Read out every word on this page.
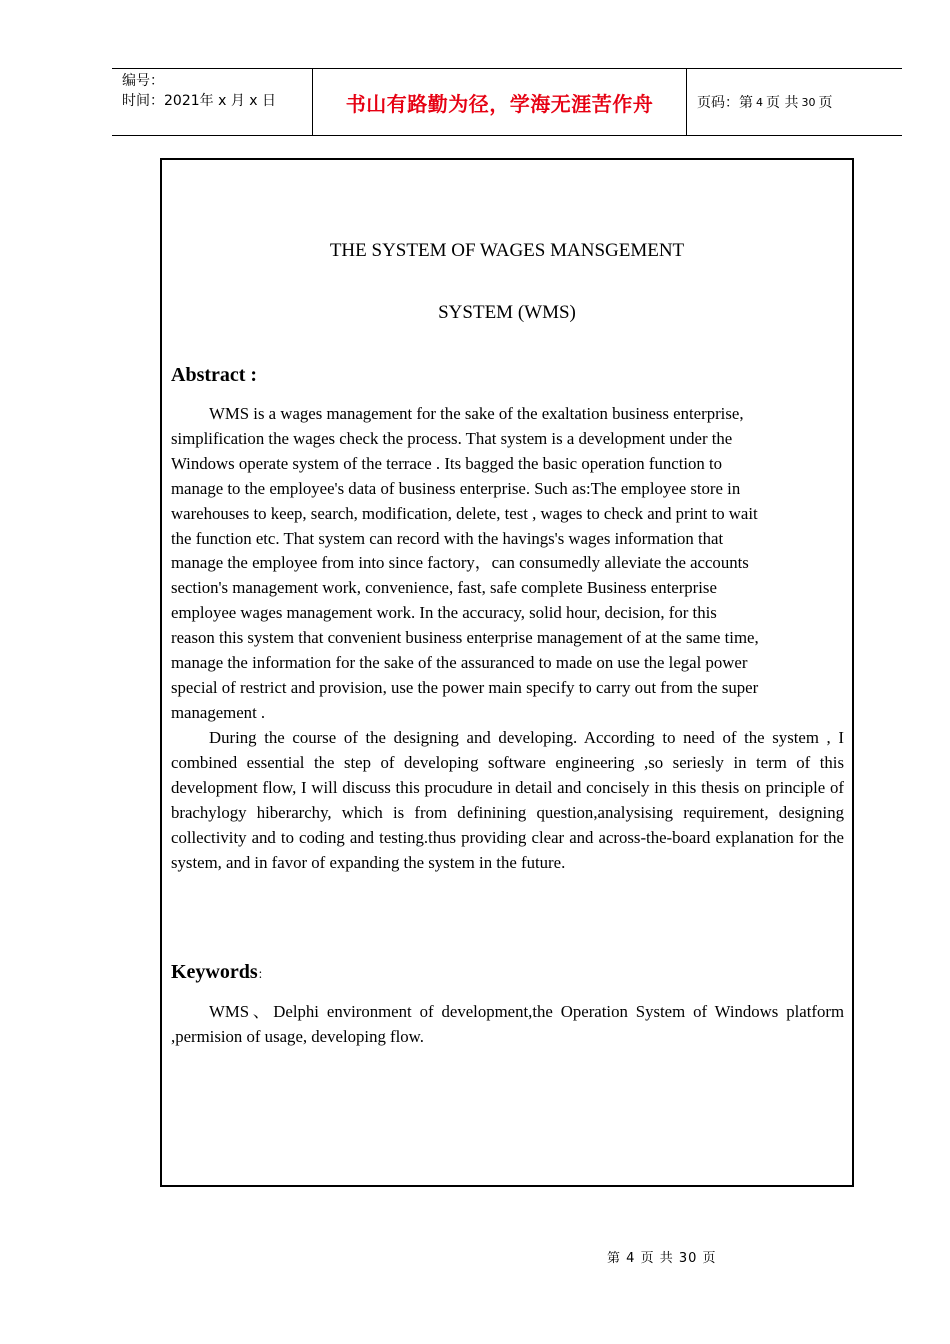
编号：
时间：2021年 x 月 x 日	书山有路勤为径，学海无涯苦作舟	页码：第 4 页 共 30 页
THE SYSTEM OF WAGES MANSGEMENT
SYSTEM (WMS)
Abstract :
WMS is a wages management for the sake of the exaltation business enterprise,
simplification the wages check the process. That system is a development under the
Windows operate system of the terrace . Its bagged the basic operation function to
manage to the employee's data of business enterprise. Such as:The employee store in
warehouses to keep, search, modification, delete, test , wages to check and print to wait
the function etc. That system can record with the havings's wages information that
manage the employee from into since factory，can consumedly alleviate the accounts
section's management work, convenience, fast, safe complete Business enterprise
employee wages management work. In the accuracy, solid hour, decision, for this
reason this system that convenient business enterprise management of at the same time,
manage the information for the sake of the assuranced to made on use the legal power
special of restrict and provision, use the power main specify to carry out from the super
management .

During the course of the designing and developing. According to need of the system , I combined essential the step of developing software engineering ,so seriesly in term of this development flow, I will discuss this procudure in detail and concisely in this thesis on principle of brachylogy hiberarchy, which is from definining question,analysising requirement, designing collectivity and to coding and testing.thus providing clear and across-the-board explanation for the system, and in favor of expanding the system in the future.

Keywords：

WMS、Delphi environment of development,the Operation System of Windows platform ,permision of usage, developing flow.

第 4 页 共 30 页
